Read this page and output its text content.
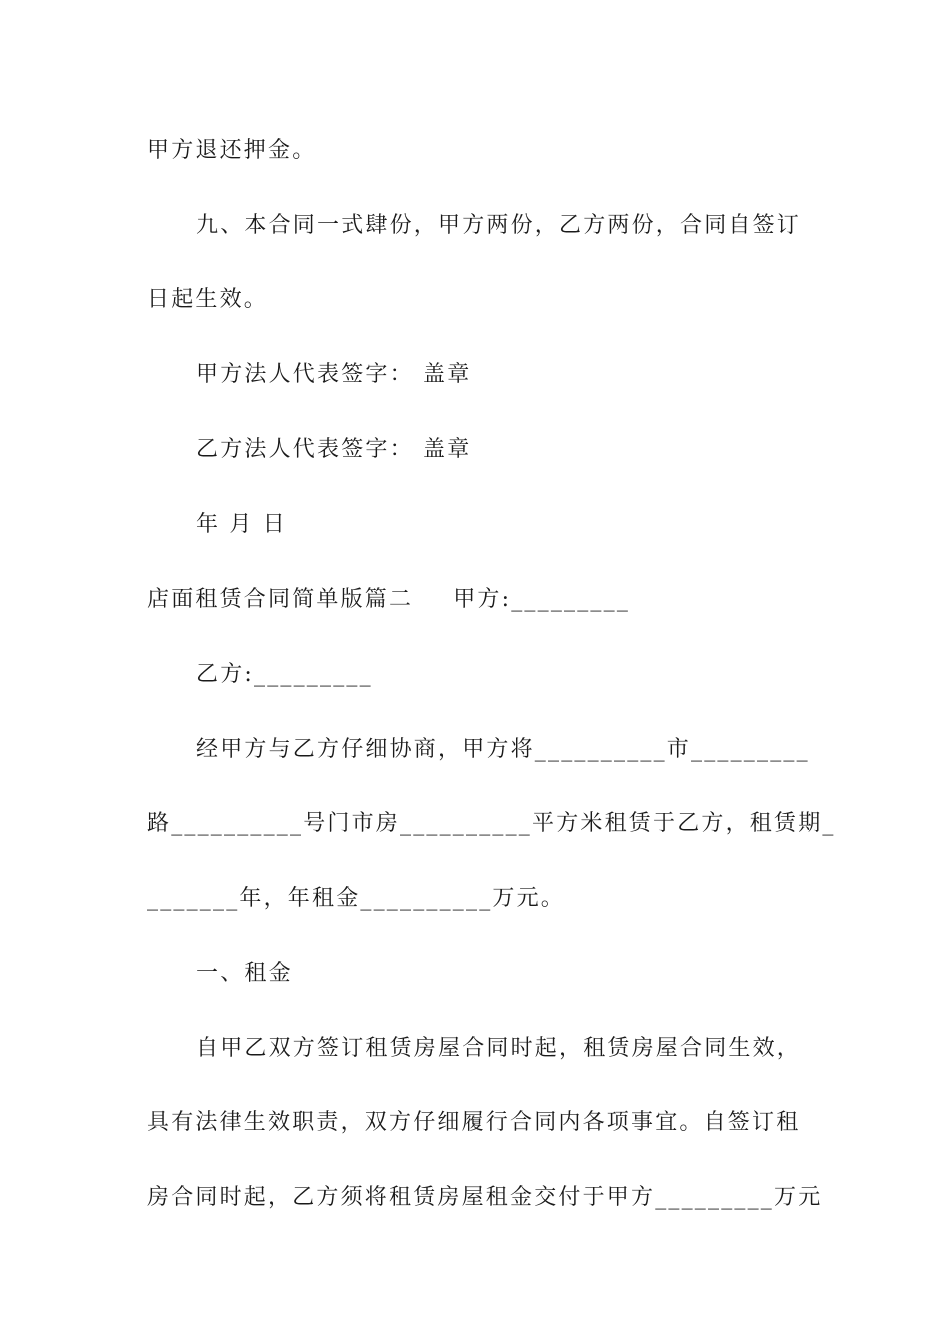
甲方退还押金。
九、本合同一式肆份，甲方两份，乙方两份，合同自签订
日起生效。
甲方法人代表签字： 盖章
乙方法人代表签字： 盖章
年 月 日
店面租赁合同简单版篇二 甲方:_________
乙方:_________
经甲方与乙方仔细协商，甲方将__________市_________
路__________号门市房__________平方米租赁于乙方，租赁期_
_______年，年租金__________万元。
一、租金
自甲乙双方签订租赁房屋合同时起，租赁房屋合同生效，
具有法律生效职责，双方仔细履行合同内各项事宜。自签订租
房合同时起，乙方须将租赁房屋租金交付于甲方_________万元
